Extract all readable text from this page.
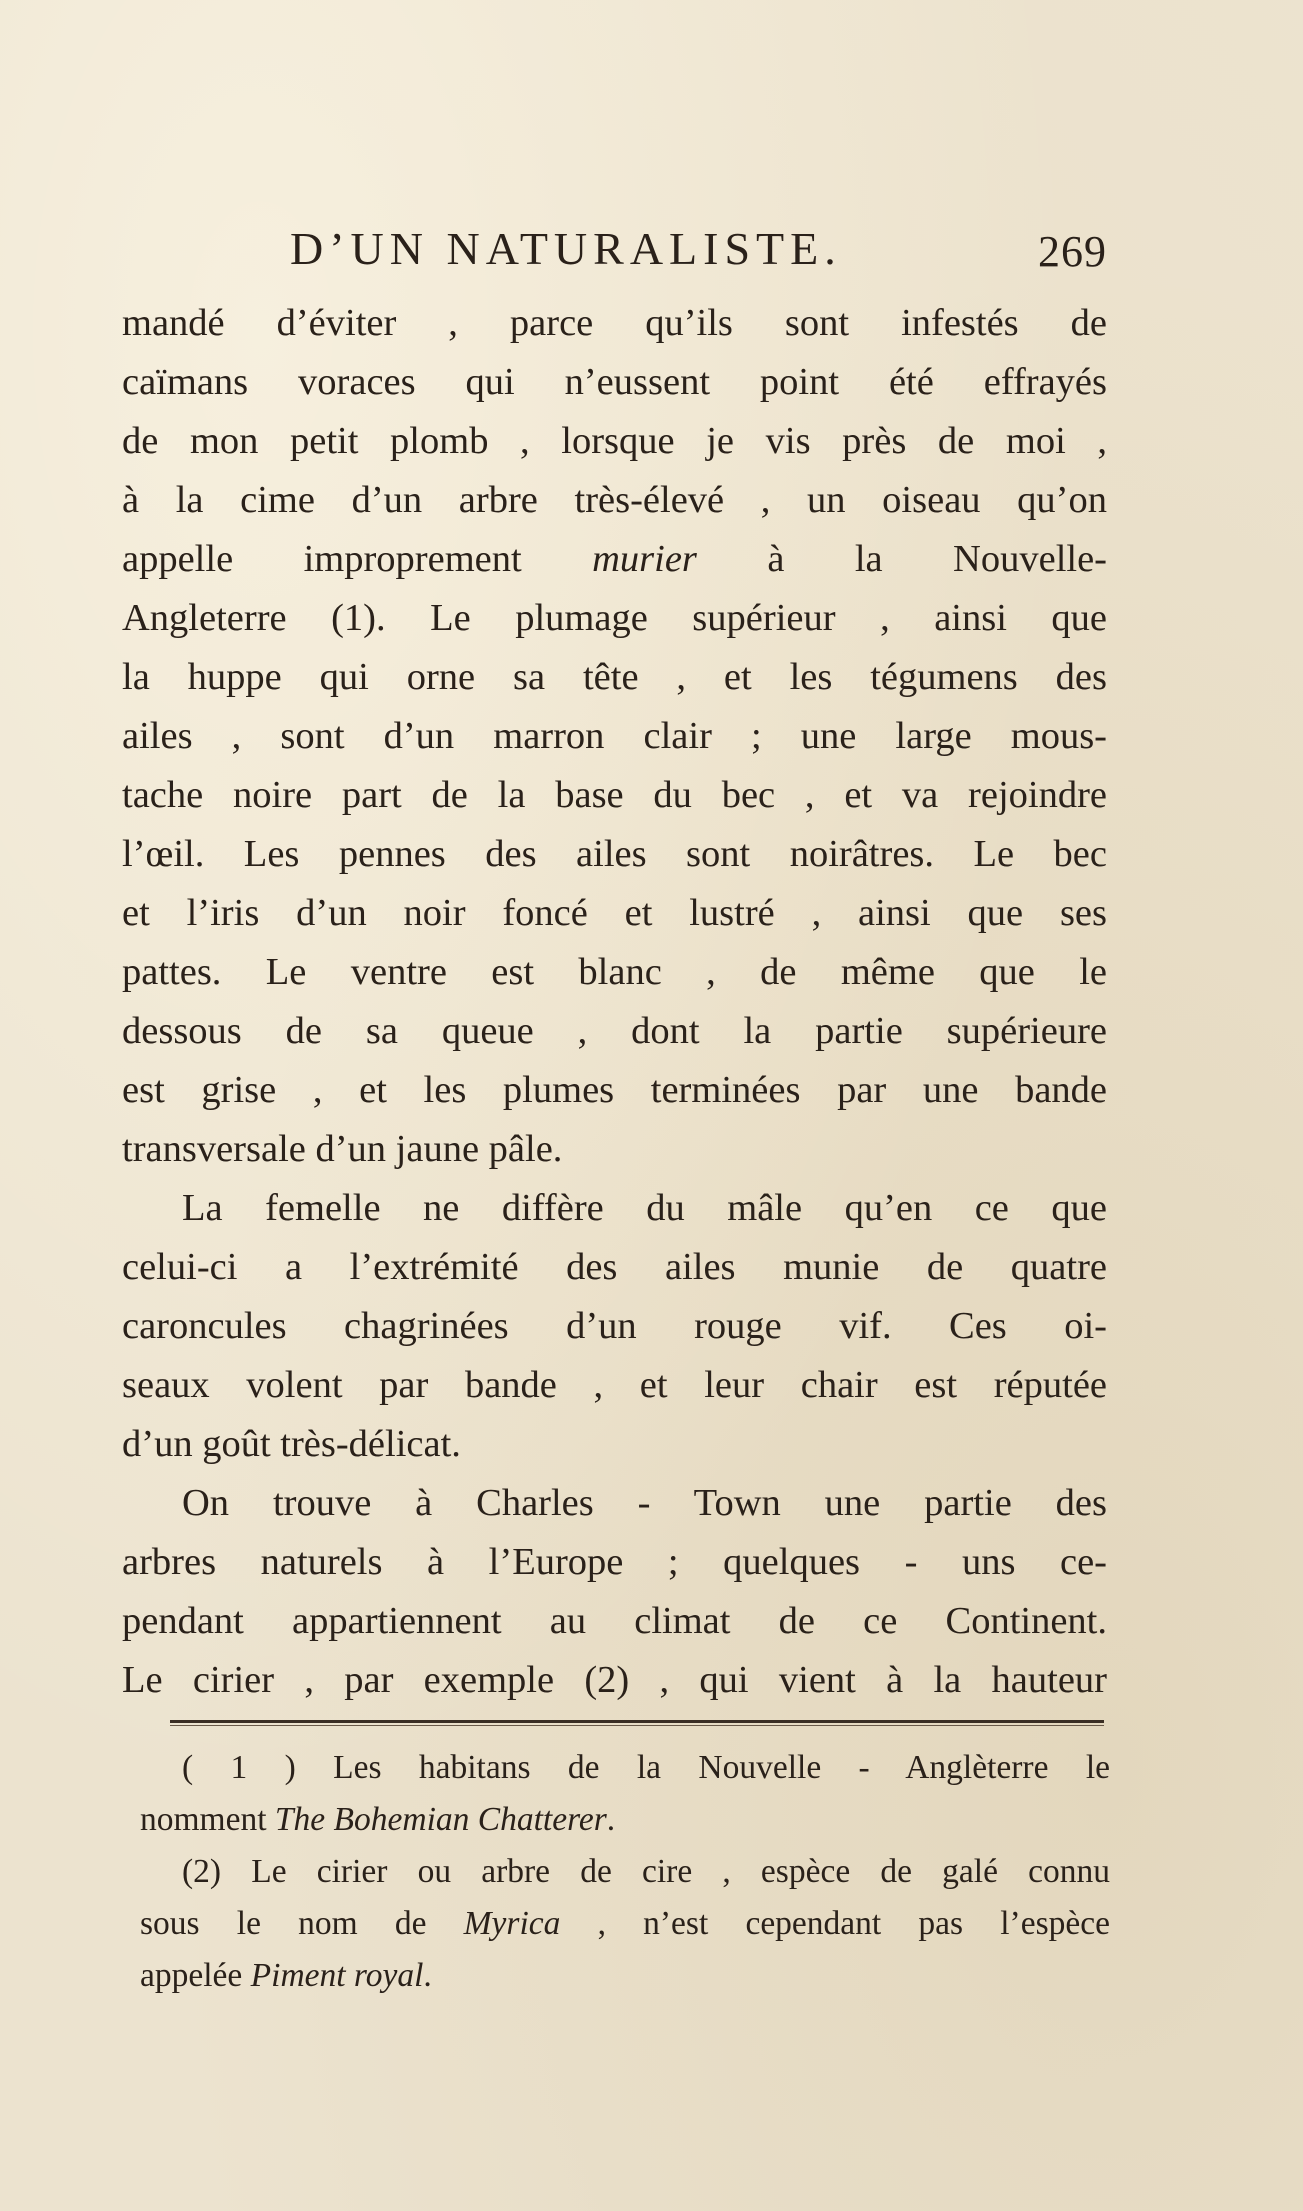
D’UN NATURALISTE.	269
mandé d’éviter , parce qu’ils sont infestés de
caïmans voraces qui n’eussent point été effrayés
de mon petit plomb , lorsque je vis près de moi ,
à la cime d’un arbre très-élevé , un oiseau qu’on
appelle improprement murier à la Nouvelle-
Angleterre (1). Le plumage supérieur , ainsi que
la huppe qui orne sa tête , et les tégumens des
ailes , sont d’un marron clair ; une large mous-
tache noire part de la base du bec , et va rejoindre
l’œil. Les pennes des ailes sont noirâtres. Le bec
et l’iris d’un noir foncé et lustré , ainsi que ses
pattes. Le ventre est blanc , de même que le
dessous de sa queue , dont la partie supérieure
est grise , et les plumes terminées par une bande
transversale d’un jaune pâle.
La femelle ne diffère du mâle qu’en ce que
celui-ci a l’extrémité des ailes munie de quatre
caroncules chagrinées d’un rouge vif. Ces oi-
seaux volent par bande , et leur chair est réputée
d’un goût très-délicat.
On trouve à Charles - Town une partie des
arbres naturels à l’Europe ; quelques - uns ce-
pendant appartiennent au climat de ce Continent.
Le cirier , par exemple (2) , qui vient à la hauteur
( 1 ) Les habitans de la Nouvelle - Anglèterre le
nomment The Bohemian Chatterer.
(2) Le cirier ou arbre de cire , espèce de galé connu
sous le nom de Myrica , n’est cependant pas l’espèce
appelée Piment royal.
